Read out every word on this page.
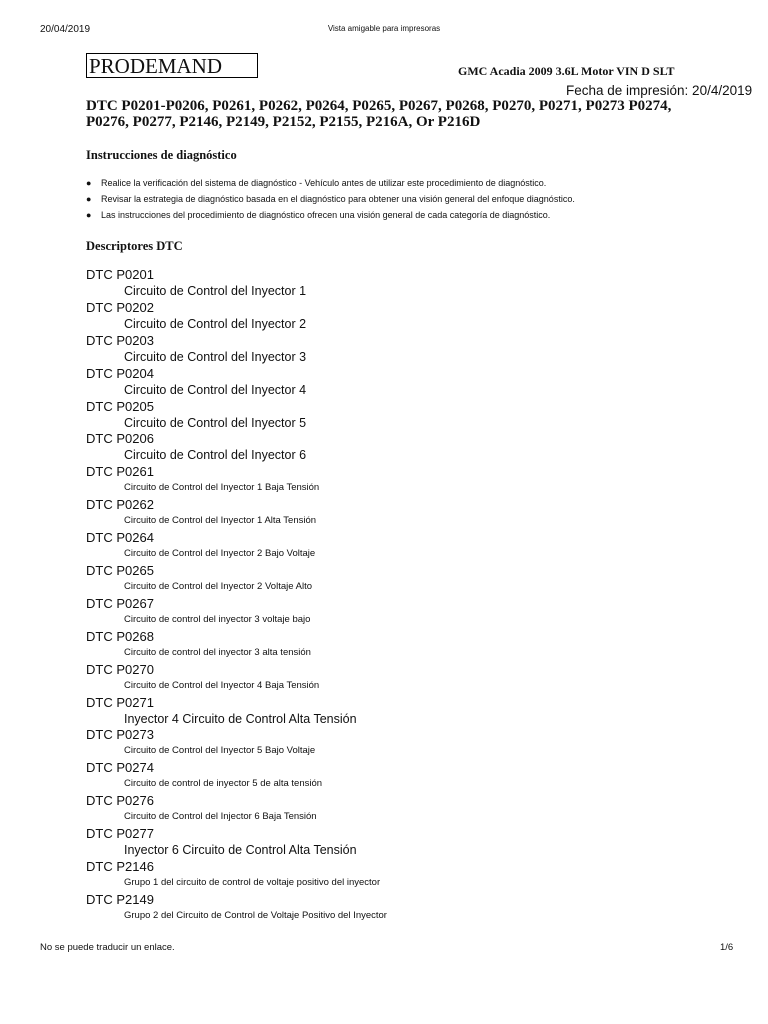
20/04/2019	Vista amigable para impresoras
PRODEMAND	GMC Acadia 2009 3.6L Motor VIN D SLT
Fecha de impresión: 20/4/2019
DTC P0201-P0206, P0261, P0262, P0264, P0265, P0267, P0268, P0270, P0271, P0273 P0274, P0276, P0277, P2146, P2149, P2152, P2155, P216A, Or P216D
Instrucciones de diagnóstico
● Realice la verificación del sistema de diagnóstico - Vehículo antes de utilizar este procedimiento de diagnóstico.
● Revisar la estrategia de diagnóstico basada en el diagnóstico para obtener una visión general del enfoque diagnóstico.
● Las instrucciones del procedimiento de diagnóstico ofrecen una visión general de cada categoría de diagnóstico.
Descriptores DTC
DTC P0201
Circuito de Control del Inyector 1
DTC P0202
Circuito de Control del Inyector 2
DTC P0203
Circuito de Control del Inyector 3
DTC P0204
Circuito de Control del Inyector 4
DTC P0205
Circuito de Control del Inyector 5
DTC P0206
Circuito de Control del Inyector 6
DTC P0261
Circuito de Control del Inyector 1 Baja Tensión
DTC P0262
Circuito de Control del Inyector 1 Alta Tensión
DTC P0264
Circuito de Control del Inyector 2 Bajo Voltaje
DTC P0265
Circuito de Control del Inyector 2 Voltaje Alto
DTC P0267
Circuito de control del inyector 3 voltaje bajo
DTC P0268
Circuito de control del inyector 3 alta tensión
DTC P0270
Circuito de Control del Inyector 4 Baja Tensión
DTC P0271
Inyector 4 Circuito de Control Alta Tensión
DTC P0273
Circuito de Control del Inyector 5 Bajo Voltaje
DTC P0274
Circuito de control de inyector 5 de alta tensión
DTC P0276
Circuito de Control del Injector 6 Baja Tensión
DTC P0277
Inyector 6 Circuito de Control Alta Tensión
DTC P2146
Grupo 1 del circuito de control de voltaje positivo del inyector
DTC P2149
Grupo 2 del Circuito de Control de Voltaje Positivo del Inyector
No se puede traducir un enlace.	1/6
